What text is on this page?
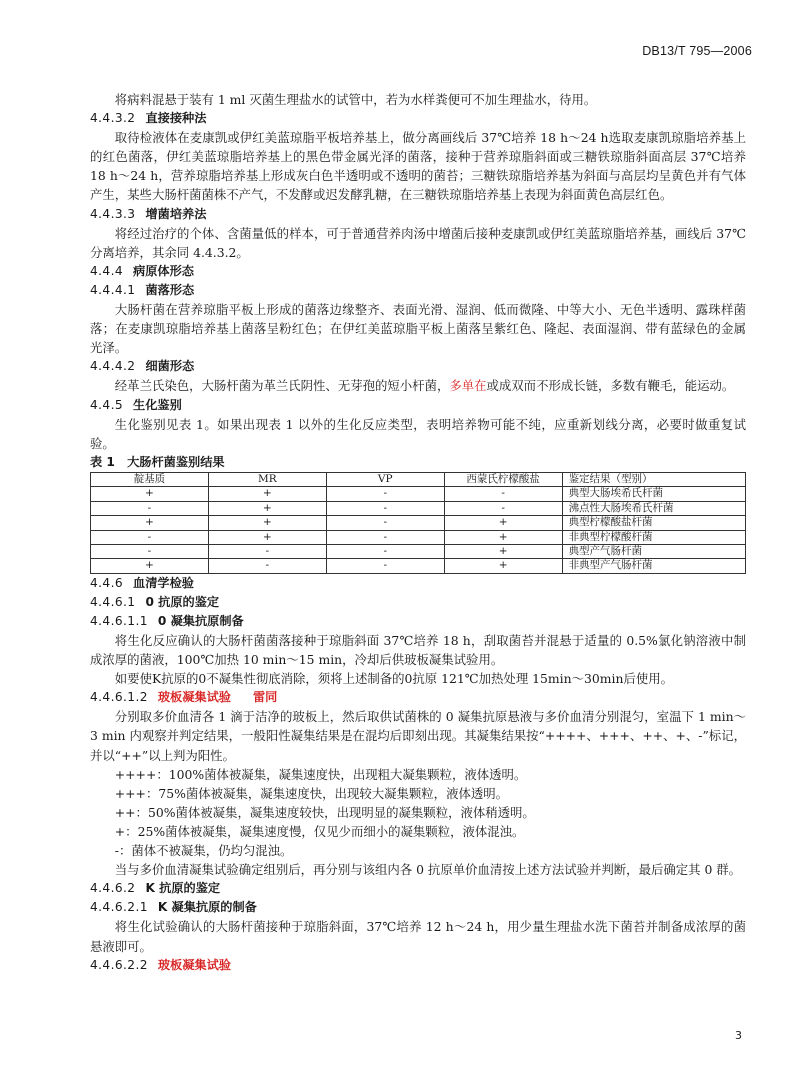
DB13/T 795—2006

将病料混悬于装有 1 ml 灭菌生理盐水的试管中，若为水样粪便可不加生理盐水，待用。

4.4.3.2 直接接种法

取待检液体在麦康凯或伊红美蓝琼脂平板培养基上，做分离画线后 37℃培养 18 h～24 h选取麦康凯琼脂培养基上的红色菌落，伊红美蓝琼脂培养基上的黑色带金属光泽的菌落，接种于营养琼脂斜面或三糖铁琼脂斜面高层 37℃培养 18 h～24 h，营养琼脂培养基上形成灰白色半透明或不透明的菌苔；三糖铁琼脂培养基为斜面与高层均呈黄色并有气体产生，某些大肠杆菌菌株不产气，不发酵或迟发酵乳糖，在三糖铁琼脂培养基上表现为斜面黄色高层红色。

4.4.3.3 增菌培养法

将经过治疗的个体、含菌量低的样本，可于普通营养肉汤中增菌后接种麦康凯或伊红美蓝琼脂培养基，画线后 37℃分离培养，其余同 4.4.3.2。

4.4.4 病原体形态

4.4.4.1 菌落形态

大肠杆菌在营养琼脂平板上形成的菌落边缘整齐、表面光滑、湿润、低而微隆、中等大小、无色半透明、露珠样菌落；在麦康凯琼脂培养基上菌落呈粉红色；在伊红美蓝琼脂平板上菌落呈紫红色、隆起、表面湿润、带有蓝绿色的金属光泽。

4.4.4.2 细菌形态

经革兰氏染色，大肠杆菌为革兰氏阴性、无芽孢的短小杆菌，多单在或成双而不形成长链，多数有鞭毛，能运动。

4.4.5 生化鉴别

生化鉴别见表 1。如果出现表 1 以外的生化反应类型，表明培养物可能不纯，应重新划线分离，必要时做重复试验。

表 1　大肠杆菌鉴别结果

靛基质	MR	VP	西蒙氏柠檬酸盐	鉴定结果（型别）
+	+	-	-	典型大肠埃希氏杆菌
-	+	-	-	沸点性大肠埃希氏杆菌
+	+	-	+	典型柠檬酸盐杆菌
-	+	-	+	非典型柠檬酸杆菌
-	-	-	+	典型产气肠杆菌
+	-	-	+	非典型产气肠杆菌

4.4.6 血清学检验

4.4.6.1 0 抗原的鉴定

4.4.6.1.1 0 凝集抗原制备

将生化反应确认的大肠杆菌菌落接种于琼脂斜面 37℃培养 18 h，刮取菌苔并混悬于适量的 0.5%氯化钠溶液中制成浓厚的菌液，100℃加热 10 min～15 min，冷却后供玻板凝集试验用。

如要使K抗原的0不凝集性彻底消除，须将上述制备的0抗原 121℃加热处理 15min～30min后使用。

4.4.6.1.2 玻板凝集试验 雷同

分别取多价血清各 1 滴于洁净的玻板上，然后取供试菌株的 0 凝集抗原悬液与多价血清分别混匀，室温下 1 min～3 min 内观察并判定结果，一般阳性凝集结果是在混均后即刻出现。其凝集结果按“++++、+++、++、+、-”标记，并以“++”以上判为阳性。

++++：100%菌体被凝集，凝集速度快，出现粗大凝集颗粒，液体透明。

+++：75%菌体被凝集，凝集速度快，出现较大凝集颗粒，液体透明。

++：50%菌体被凝集，凝集速度较快，出现明显的凝集颗粒，液体稍透明。

+：25%菌体被凝集，凝集速度慢，仅见少而细小的凝集颗粒，液体混浊。

-：菌体不被凝集，仍均匀混浊。

当与多价血清凝集试验确定组别后，再分别与该组内各 0 抗原单价血清按上述方法试验并判断，最后确定其 0 群。

4.4.6.2 K 抗原的鉴定

4.4.6.2.1 K 凝集抗原的制备

将生化试验确认的大肠杆菌接种于琼脂斜面，37℃培养 12 h～24 h，用少量生理盐水洗下菌苔并制备成浓厚的菌悬液即可。

4.4.6.2.2 玻板凝集试验

3
